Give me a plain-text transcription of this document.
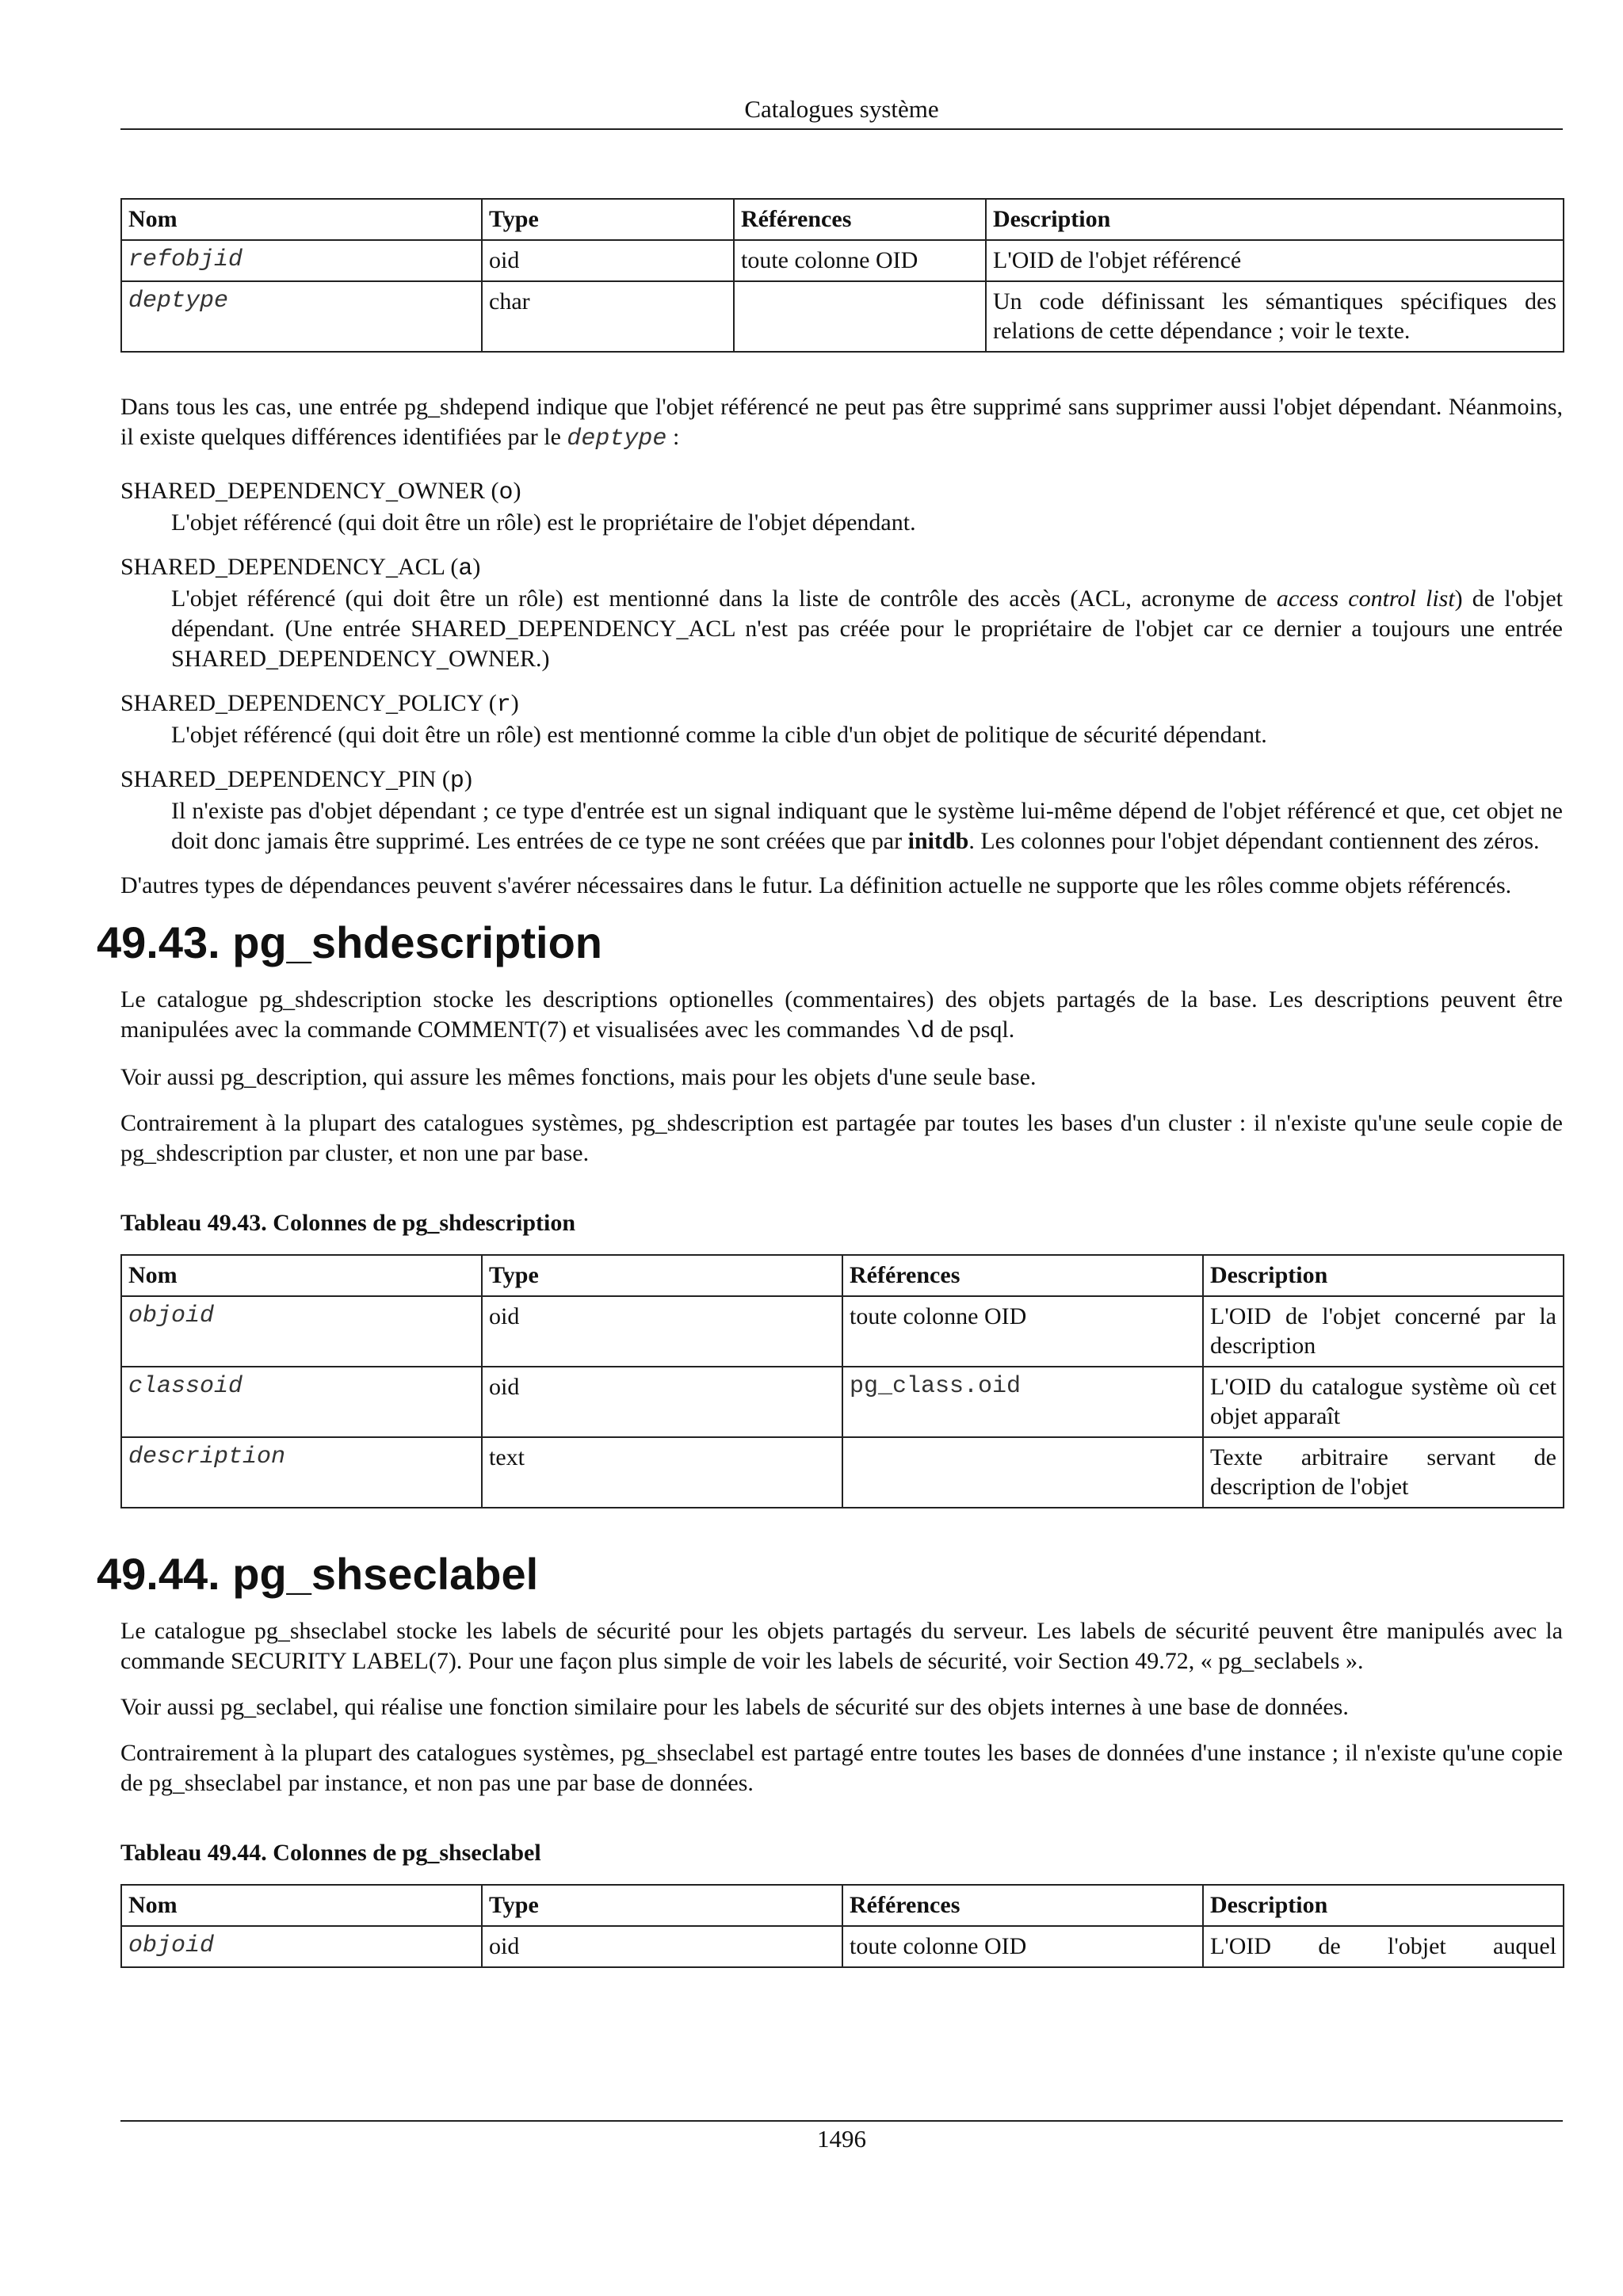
Catalogues système
Nom	Type	Références	Description
refobjid	oid	toute colonne OID	L'OID de l'objet référencé
deptype	char		Un code définissant les sémantiques spécifiques des relations de cette dépendance ; voir le texte.

Dans tous les cas, une entrée pg_shdepend indique que l'objet référencé ne peut pas être supprimé sans supprimer aussi l'objet dépendant. Néanmoins, il existe quelques différences identifiées par le deptype :

SHARED_DEPENDENCY_OWNER (o)
L'objet référencé (qui doit être un rôle) est le propriétaire de l'objet dépendant.
SHARED_DEPENDENCY_ACL (a)
L'objet référencé (qui doit être un rôle) est mentionné dans la liste de contrôle des accès (ACL, acronyme de access control list) de l'objet dépendant. (Une entrée SHARED_DEPENDENCY_ACL n'est pas créée pour le propriétaire de l'objet car ce dernier a toujours une entrée SHARED_DEPENDENCY_OWNER.)
SHARED_DEPENDENCY_POLICY (r)
L'objet référencé (qui doit être un rôle) est mentionné comme la cible d'un objet de politique de sécurité dépendant.
SHARED_DEPENDENCY_PIN (p)
Il n'existe pas d'objet dépendant ; ce type d'entrée est un signal indiquant que le système lui-même dépend de l'objet référencé et que, cet objet ne doit donc jamais être supprimé. Les entrées de ce type ne sont créées que par initdb. Les colonnes pour l'objet dépendant contiennent des zéros.

D'autres types de dépendances peuvent s'avérer nécessaires dans le futur. La définition actuelle ne supporte que les rôles comme objets référencés.

49.43. pg_shdescription

Le catalogue pg_shdescription stocke les descriptions optionelles (commentaires) des objets partagés de la base. Les descriptions peuvent être manipulées avec la commande COMMENT(7) et visualisées avec les commandes \d de psql.

Voir aussi pg_description, qui assure les mêmes fonctions, mais pour les objets d'une seule base.

Contrairement à la plupart des catalogues systèmes, pg_shdescription est partagée par toutes les bases d'un cluster : il n'existe qu'une seule copie de pg_shdescription par cluster, et non une par base.

Tableau 49.43. Colonnes de pg_shdescription

Nom	Type	Références	Description
objoid	oid	toute colonne OID	L'OID de l'objet concerné par la description
classoid	oid	pg_class.oid	L'OID du catalogue système où cet objet apparaît
description	text		Texte arbitraire servant de description de l'objet
49.44. pg_shseclabel

Le catalogue pg_shseclabel stocke les labels de sécurité pour les objets partagés du serveur. Les labels de sécurité peuvent être manipulés avec la commande SECURITY LABEL(7). Pour une façon plus simple de voir les labels de sécurité, voir Section 49.72, « pg_seclabels ».

Voir aussi pg_seclabel, qui réalise une fonction similaire pour les labels de sécurité sur des objets internes à une base de données.

Contrairement à la plupart des catalogues systèmes, pg_shseclabel est partagé entre toutes les bases de données d'une instance ; il n'existe qu'une copie de pg_shseclabel par instance, et non pas une par base de données.

Tableau 49.44. Colonnes de pg_shseclabel

Nom	Type	Références	Description
objoid	oid	toute colonne OID	L'OID de l'objet auquel
1496
